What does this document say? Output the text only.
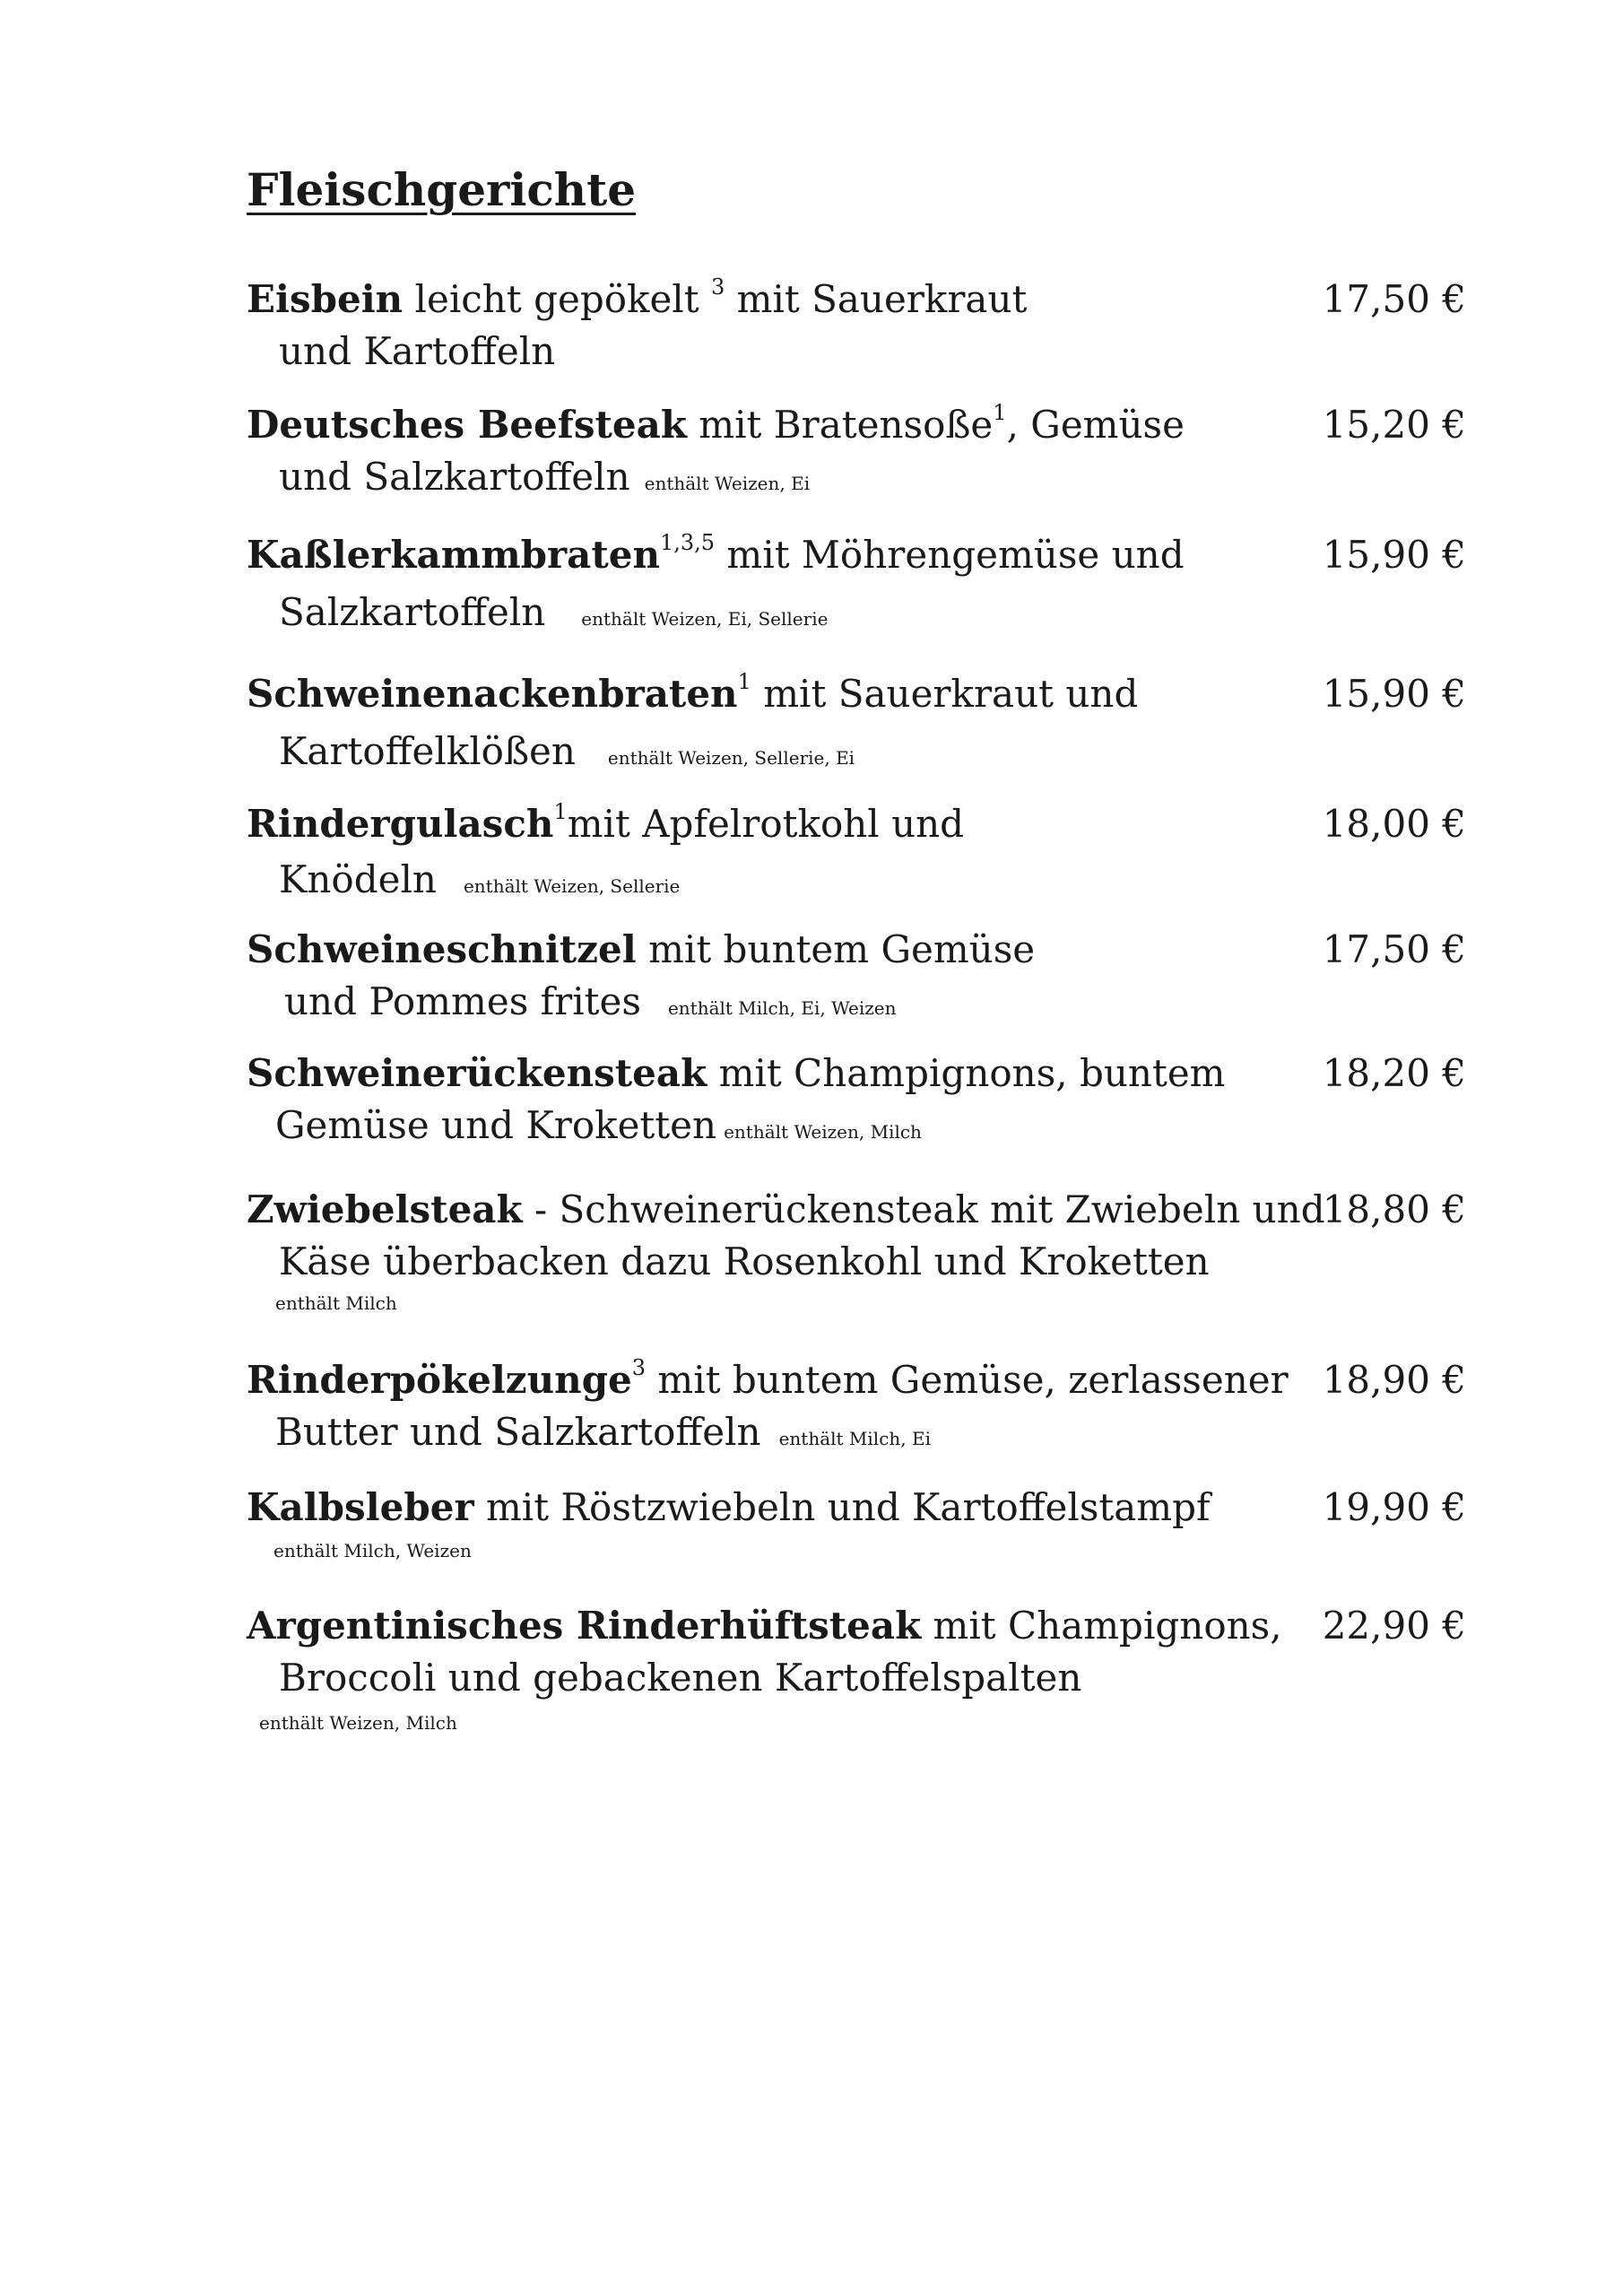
Fleischgerichte
Eisbein leicht gepökelt $^3$ mit Sauerkraut
und Kartoffeln
17,50 €
Deutsches Beefsteak mit Bratensoße$^1$, Gemüse
und Salzkartoffeln enthält Weizen, Ei
15,20 €
Kaßlerkammbraten$^{1,3,5}$ mit Möhrengemüse und
Salzkartoffeln enthält Weizen, Ei, Sellerie
15,90 €
Schweinenackenbraten$^1$ mit Sauerkraut und
Kartoffelklößen enthält Weizen, Sellerie, Ei
15,90 €
Rindergulasch$^1$mit Apfelrotkohl und
Knödeln enthält Weizen, Sellerie
18,00 €
Schweineschnitzel mit buntem Gemüse
und Pommes frites enthält Milch, Ei, Weizen
17,50 €
Schweinerückensteak mit Champignons, buntem
Gemüse und Kroketten enthält Weizen, Milch
18,20 €
Zwiebelsteak - Schweinerückensteak mit Zwiebeln und
Käse überbacken dazu Rosenkohl und Kroketten
enthält Milch
18,80 €
Rinderpökelzunge$^3$ mit buntem Gemüse, zerlassener
Butter und Salzkartoffeln enthält Milch, Ei
18,90 €
Kalbsleber mit Röstzwiebeln und Kartoffelstampf
enthält Milch, Weizen
19,90 €
Argentinisches Rinderhüftsteak mit Champignons,
Broccoli und gebackenen Kartoffelspalten
enthält Weizen, Milch
22,90 €
